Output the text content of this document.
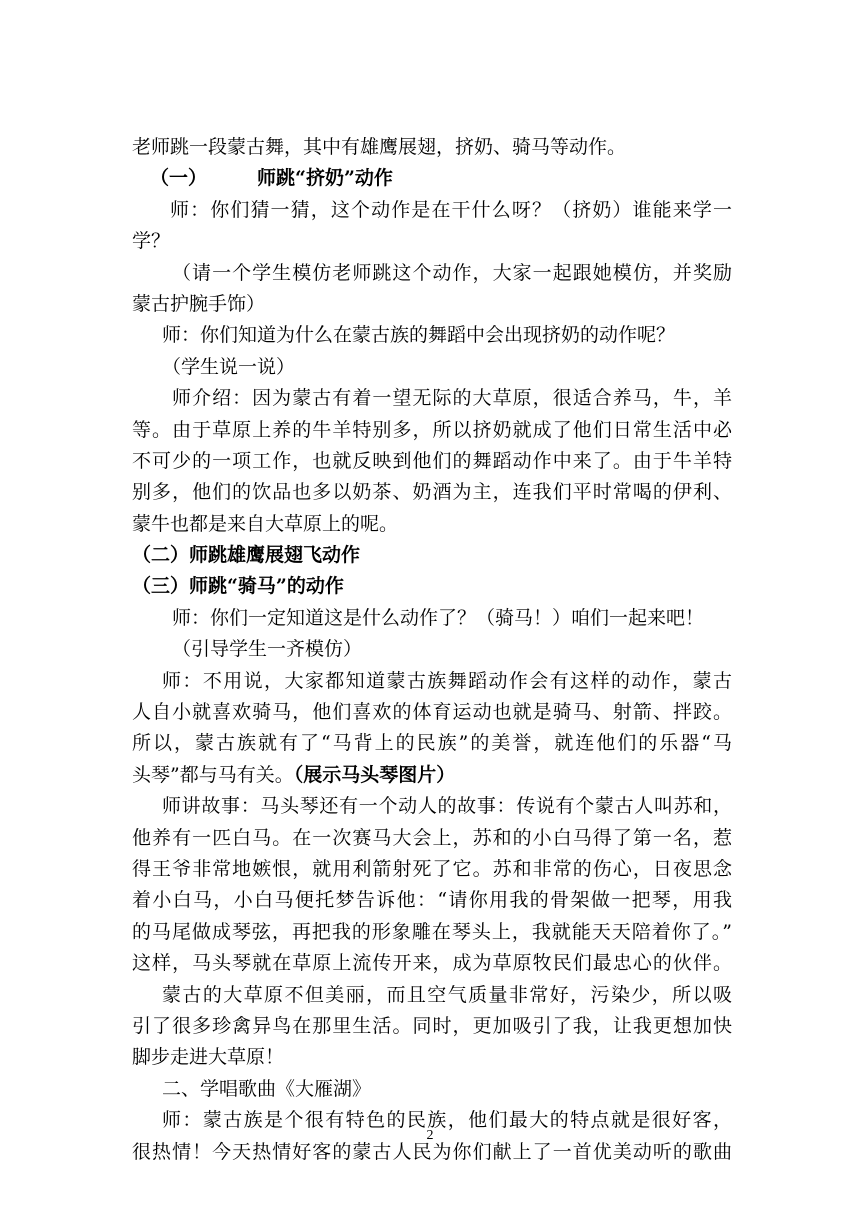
老师跳一段蒙古舞，其中有雄鹰展翅，挤奶、骑马等动作。
（一）	师跳“挤奶”动作
师：你们猜一猜，这个动作是在干什么呀？（挤奶）谁能来学一
学？
（请一个学生模仿老师跳这个动作，大家一起跟她模仿，并奖励
蒙古护腕手饰）
师：你们知道为什么在蒙古族的舞蹈中会出现挤奶的动作呢？
（学生说一说）
师介绍：因为蒙古有着一望无际的大草原，很适合养马，牛，羊
等。由于草原上养的牛羊特别多，所以挤奶就成了他们日常生活中必
不可少的一项工作，也就反映到他们的舞蹈动作中来了。由于牛羊特
别多，他们的饮品也多以奶茶、奶酒为主，连我们平时常喝的伊利、
蒙牛也都是来自大草原上的呢。
（二）师跳雄鹰展翅飞动作
（三）师跳“骑马”的动作
师：你们一定知道这是什么动作了？（骑马！）咱们一起来吧！
（引导学生一齐模仿）
师：不用说，大家都知道蒙古族舞蹈动作会有这样的动作，蒙古
人自小就喜欢骑马，他们喜欢的体育运动也就是骑马、射箭、拌跤。
所以，蒙古族就有了“马背上的民族”的美誉，就连他们的乐器“马
头琴”都与马有关。（展示马头琴图片）
师讲故事：马头琴还有一个动人的故事：传说有个蒙古人叫苏和，
他养有一匹白马。在一次赛马大会上，苏和的小白马得了第一名，惹
得王爷非常地嫉恨，就用利箭射死了它。苏和非常的伤心，日夜思念
着小白马，小白马便托梦告诉他：“请你用我的骨架做一把琴，用我
的马尾做成琴弦，再把我的形象雕在琴头上，我就能天天陪着你了。”
这样，马头琴就在草原上流传开来，成为草原牧民们最忠心的伙伴。
蒙古的大草原不但美丽，而且空气质量非常好，污染少，所以吸
引了很多珍禽异鸟在那里生活。同时，更加吸引了我，让我更想加快
脚步走进大草原！
二、学唱歌曲《大雁湖》
师：蒙古族是个很有特色的民族，他们最大的特点就是很好客，
很热情！今天热情好客的蒙古人民为你们献上了一首优美动听的歌曲
2
